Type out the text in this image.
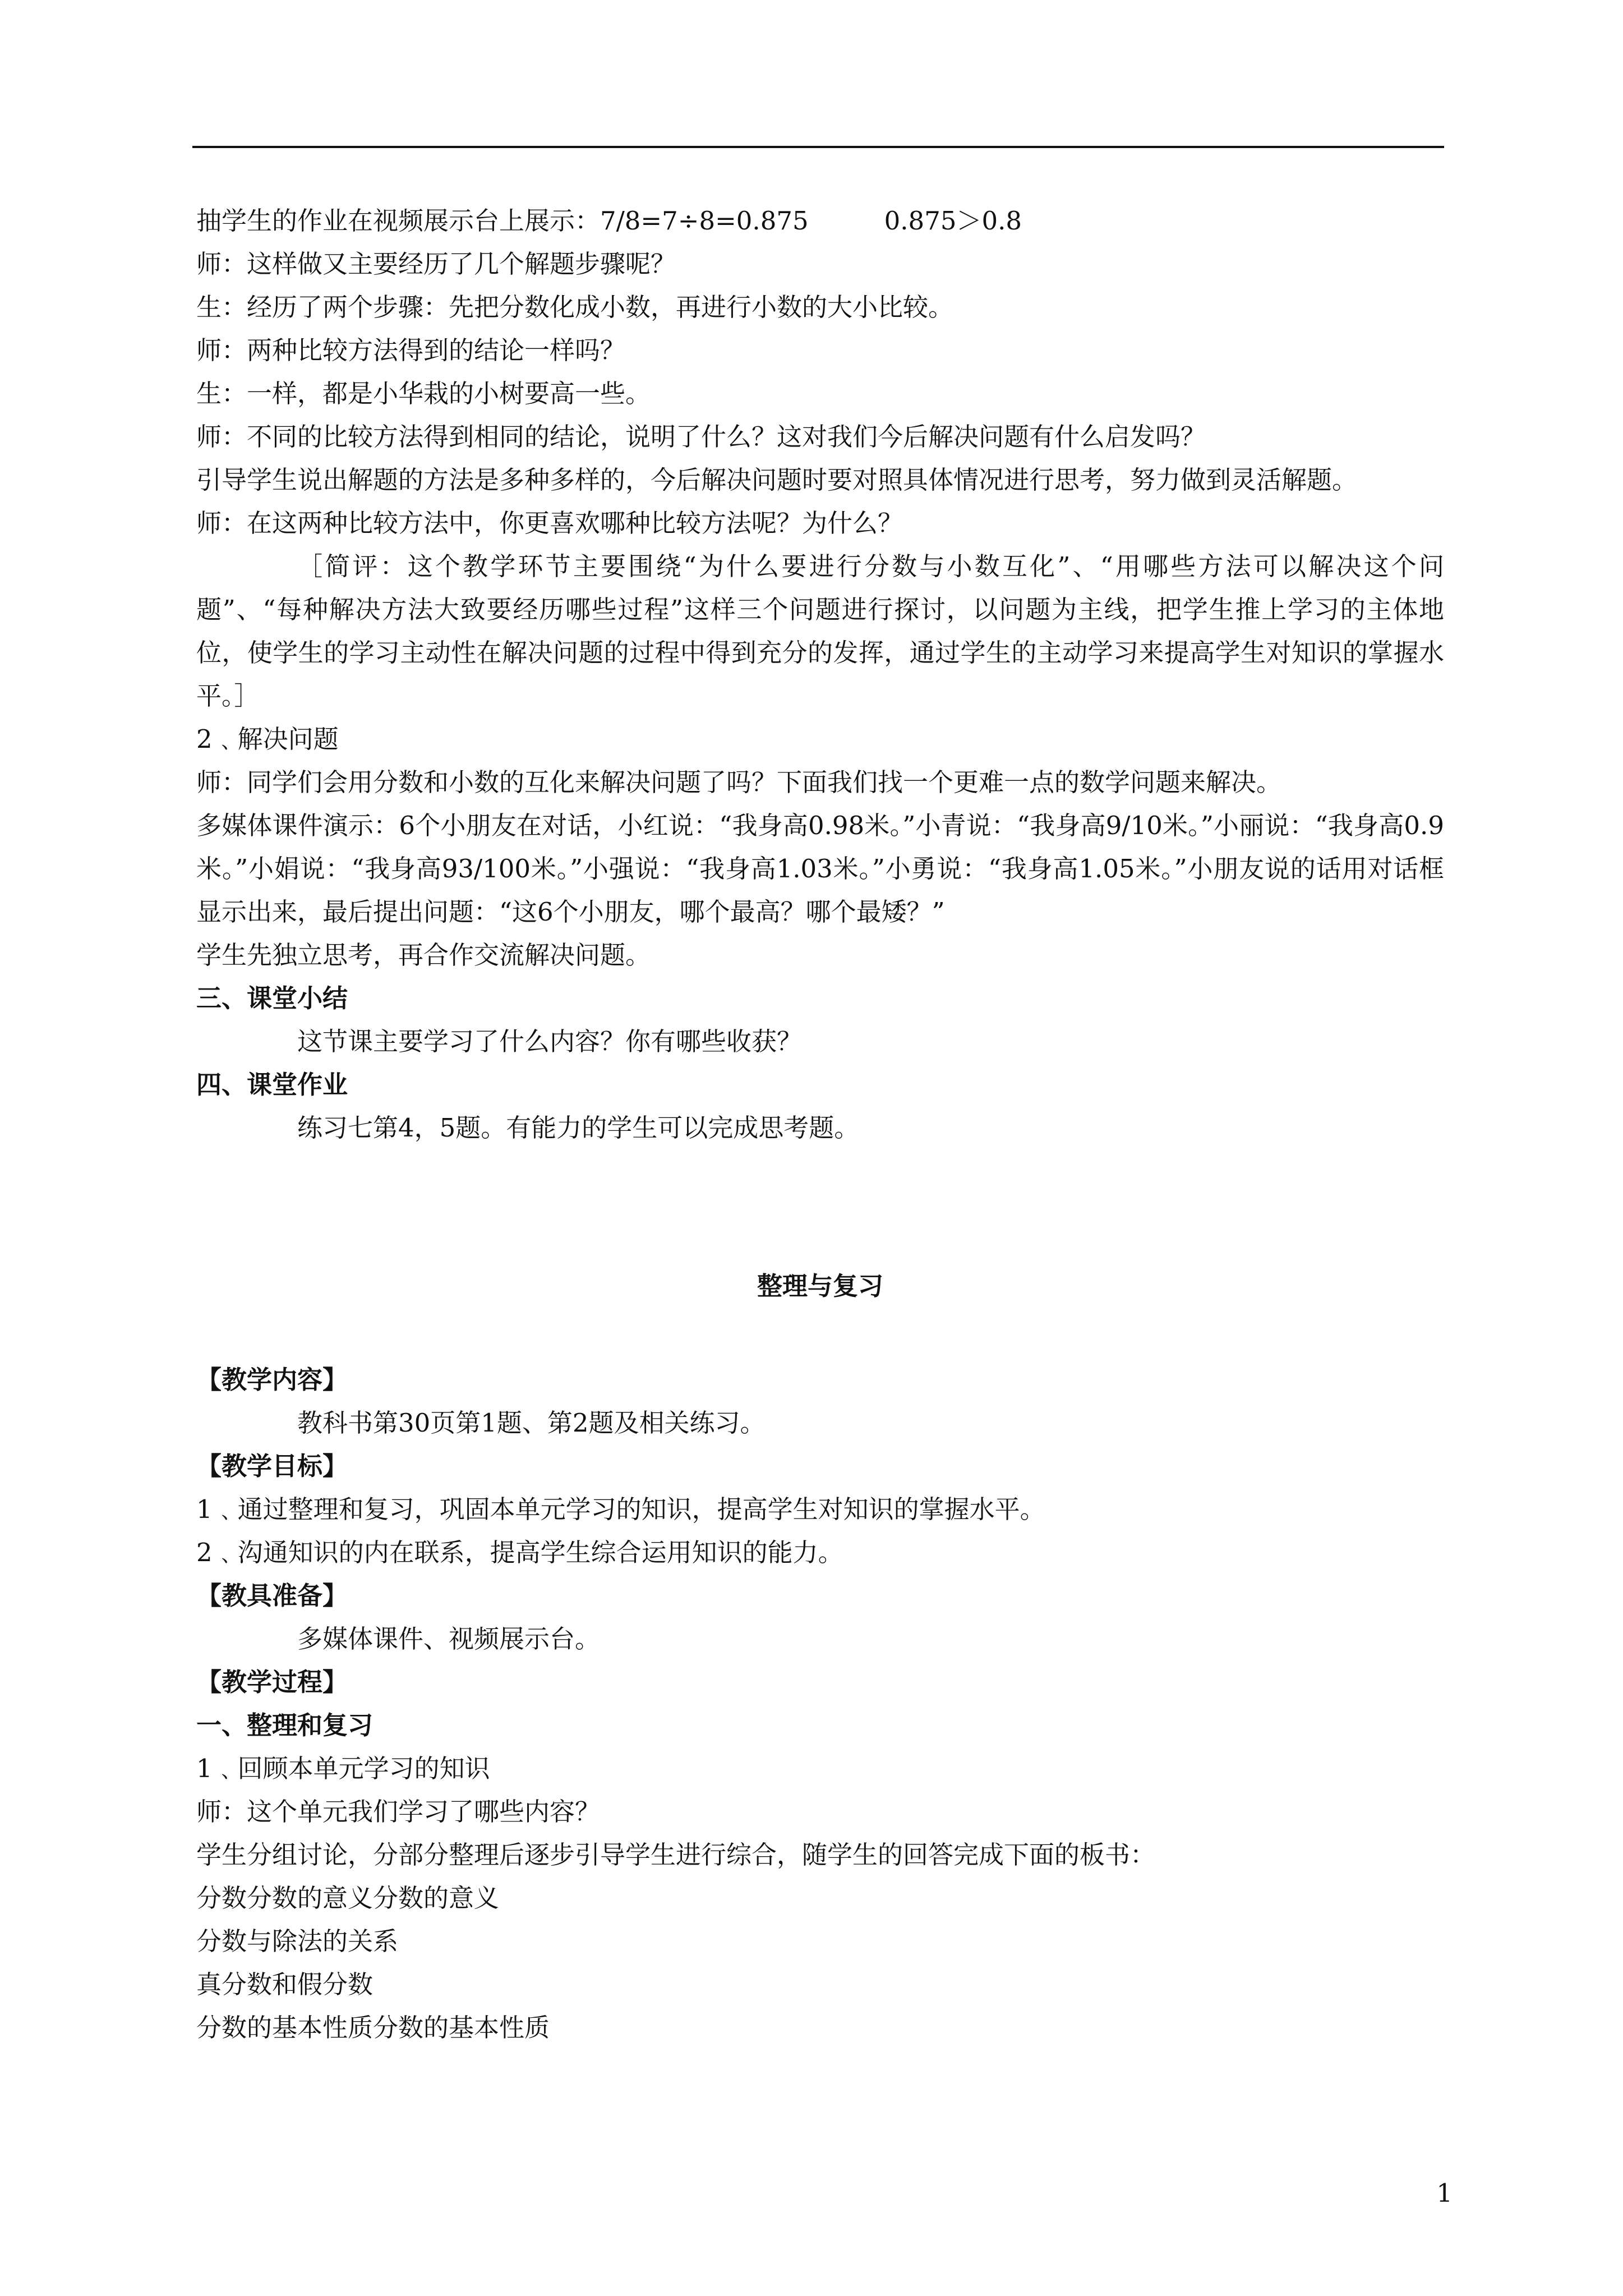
抽学生的作业在视频展示台上展示：7/8=7÷8=0.875　　　0.875＞0.8

师：这样做又主要经历了几个解题步骤呢？

生：经历了两个步骤：先把分数化成小数，再进行小数的大小比较。

师：两种比较方法得到的结论一样吗？

生：一样，都是小华栽的小树要高一些。

师：不同的比较方法得到相同的结论，说明了什么？这对我们今后解决问题有什么启发吗？

引导学生说出解题的方法是多种多样的，今后解决问题时要对照具体情况进行思考，努力做到灵活解题。

师：在这两种比较方法中，你更喜欢哪种比较方法呢？为什么？

［简评：这个教学环节主要围绕“为什么要进行分数与小数互化”、“用哪些方法可以解决这个问题”、“每种解决方法大致要经历哪些过程”这样三个问题进行探讨，以问题为主线，把学生推上学习的主体地位，使学生的学习主动性在解决问题的过程中得到充分的发挥，通过学生的主动学习来提高学生对知识的掌握水平。］

2﹑解决问题

师：同学们会用分数和小数的互化来解决问题了吗？下面我们找一个更难一点的数学问题来解决。

多媒体课件演示：6个小朋友在对话，小红说：“我身高0.98米。”小青说：“我身高9/10米。”小丽说：“我身高0.9米。”小娟说：“我身高93/100米。”小强说：“我身高1.03米。”小勇说：“我身高1.05米。”小朋友说的话用对话框显示出来，最后提出问题：“这6个小朋友，哪个最高？哪个最矮？”

学生先独立思考，再合作交流解决问题。

三、课堂小结

这节课主要学习了什么内容？你有哪些收获？

四、课堂作业

练习七第4，5题。有能力的学生可以完成思考题。

整理与复习

【教学内容】

教科书第30页第1题、第2题及相关练习。

【教学目标】

1﹑通过整理和复习，巩固本单元学习的知识，提高学生对知识的掌握水平。

2﹑沟通知识的内在联系，提高学生综合运用知识的能力。

【教具准备】

多媒体课件、视频展示台。

【教学过程】

一、整理和复习

1﹑回顾本单元学习的知识

师：这个单元我们学习了哪些内容？

学生分组讨论，分部分整理后逐步引导学生进行综合，随学生的回答完成下面的板书：

分数分数的意义分数的意义

分数与除法的关系

真分数和假分数

分数的基本性质分数的基本性质

1
